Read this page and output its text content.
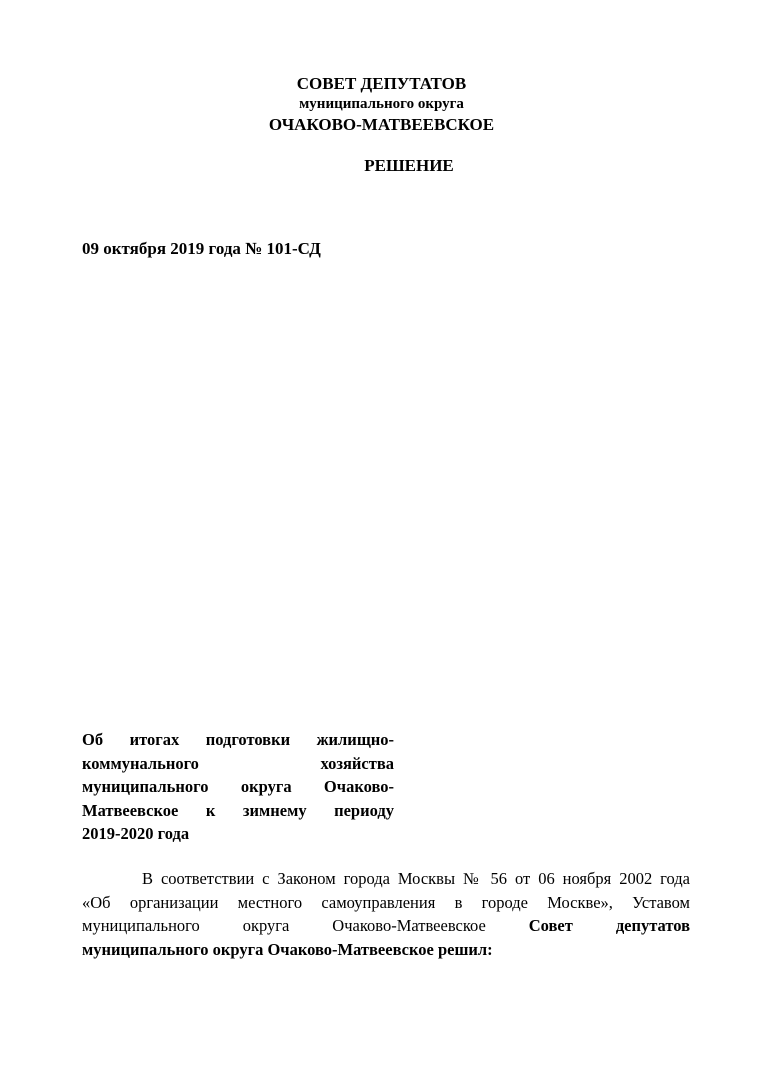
СОВЕТ ДЕПУТАТОВ
муниципального округа
ОЧАКОВО-МАТВЕЕВСКОЕ
РЕШЕНИЕ
09 октября 2019 года № 101-СД
Об итогах подготовки жилищно-
коммунального хозяйства
муниципального округа Очаково-
Матвеевское к зимнему периоду
2019-2020 года
В соответствии с Законом города Москвы № 56 от 06 ноября 2002 года
«Об организации местного самоуправления в городе Москве», Уставом
муниципального округа Очаково-Матвеевское	Совет депутатов
муниципального округа Очаково-Матвеевское решил:
